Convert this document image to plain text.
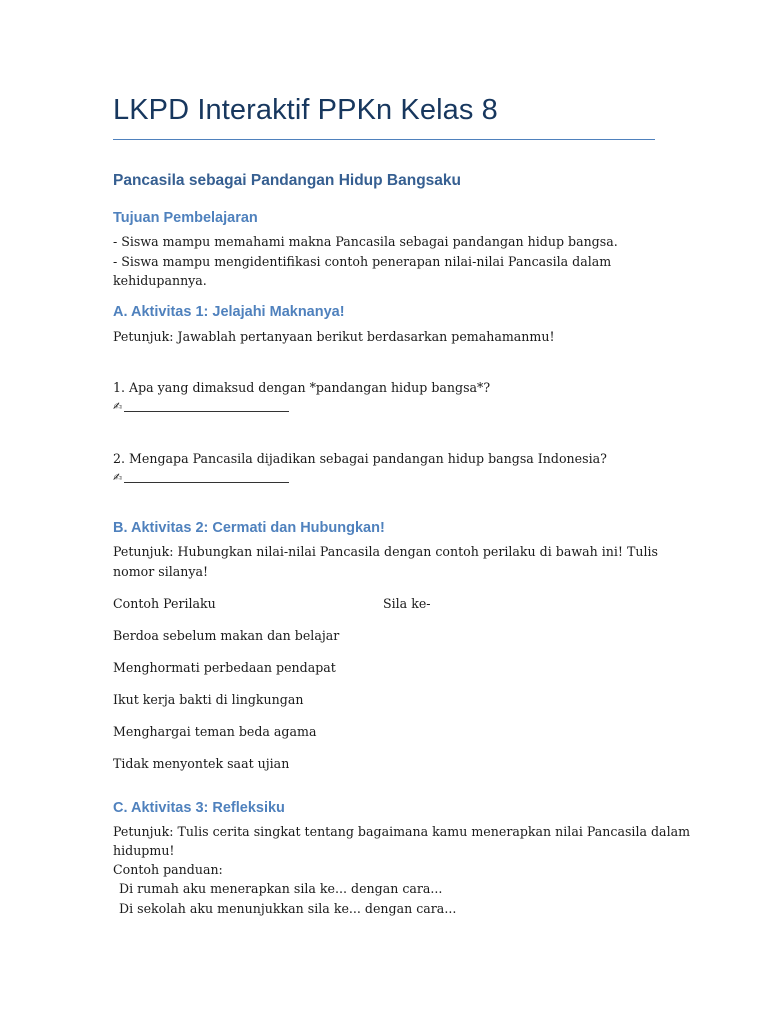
LKPD Interaktif PPKn Kelas 8
Pancasila sebagai Pandangan Hidup Bangsaku
Tujuan Pembelajaran
- Siswa mampu memahami makna Pancasila sebagai pandangan hidup bangsa.
- Siswa mampu mengidentifikasi contoh penerapan nilai-nilai Pancasila dalam
kehidupannya.
A. Aktivitas 1: Jelajahi Maknanya!
Petunjuk: Jawablah pertanyaan berikut berdasarkan pemahamanmu!
1. Apa yang dimaksud dengan *pandangan hidup bangsa*?
✍
2. Mengapa Pancasila dijadikan sebagai pandangan hidup bangsa Indonesia?
✍
B. Aktivitas 2: Cermati dan Hubungkan!
Petunjuk: Hubungkan nilai-nilai Pancasila dengan contoh perilaku di bawah ini! Tulis
nomor silanya!
Contoh Perilaku	Sila ke-
Berdoa sebelum makan dan belajar
Menghormati perbedaan pendapat
Ikut kerja bakti di lingkungan
Menghargai teman beda agama
Tidak menyontek saat ujian
C. Aktivitas 3: Refleksiku
Petunjuk: Tulis cerita singkat tentang bagaimana kamu menerapkan nilai Pancasila dalam
hidupmu!
Contoh panduan:
Di rumah aku menerapkan sila ke... dengan cara...
Di sekolah aku menunjukkan sila ke... dengan cara...
